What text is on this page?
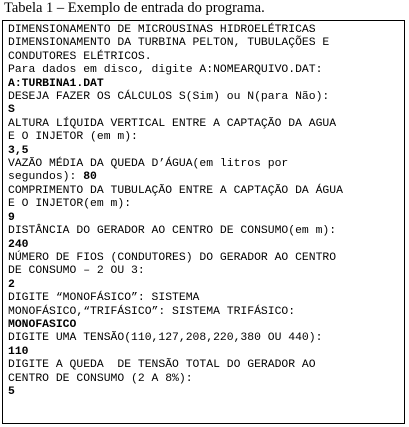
Tabela 1 – Exemplo de entrada do programa.
DIMENSIONAMENTO DE MICROUSINAS HIDROELÉTRICAS
DIMENSIONAMENTO DA TURBINA PELTON, TUBULAÇÕES E
CONDUTORES ELÉTRICOS.
Para dados em disco, digite A:NOMEARQUIVO.DAT:
A:TURBINA1.DAT
DESEJA FAZER OS CÁLCULOS S(Sim) ou N(para Não):
S
ALTURA LÍQUIDA VERTICAL ENTRE A CAPTAÇÃO DA AGUA
E O INJETOR (em m):
3,5
VAZÃO MÉDIA DA QUEDA D’ÁGUA(em litros por
segundos): 80
COMPRIMENTO DA TUBULAÇÃO ENTRE A CAPTAÇÃO DA ÁGUA
E O INJETOR(em m):
9
DISTÂNCIA DO GERADOR AO CENTRO DE CONSUMO(em m):
240
NÚMERO DE FIOS (CONDUTORES) DO GERADOR AO CENTRO
DE CONSUMO – 2 OU 3:
2
DIGITE “MONOFÁSICO”: SISTEMA
MONOFÁSICO,“TRIFÁSICO”: SISTEMA TRIFÁSICO:
MONOFASICO
DIGITE UMA TENSÃO(110,127,208,220,380 OU 440):
110
DIGITE A QUEDA  DE TENSÃO TOTAL DO GERADOR AO
CENTRO DE CONSUMO (2 A 8%):
5
